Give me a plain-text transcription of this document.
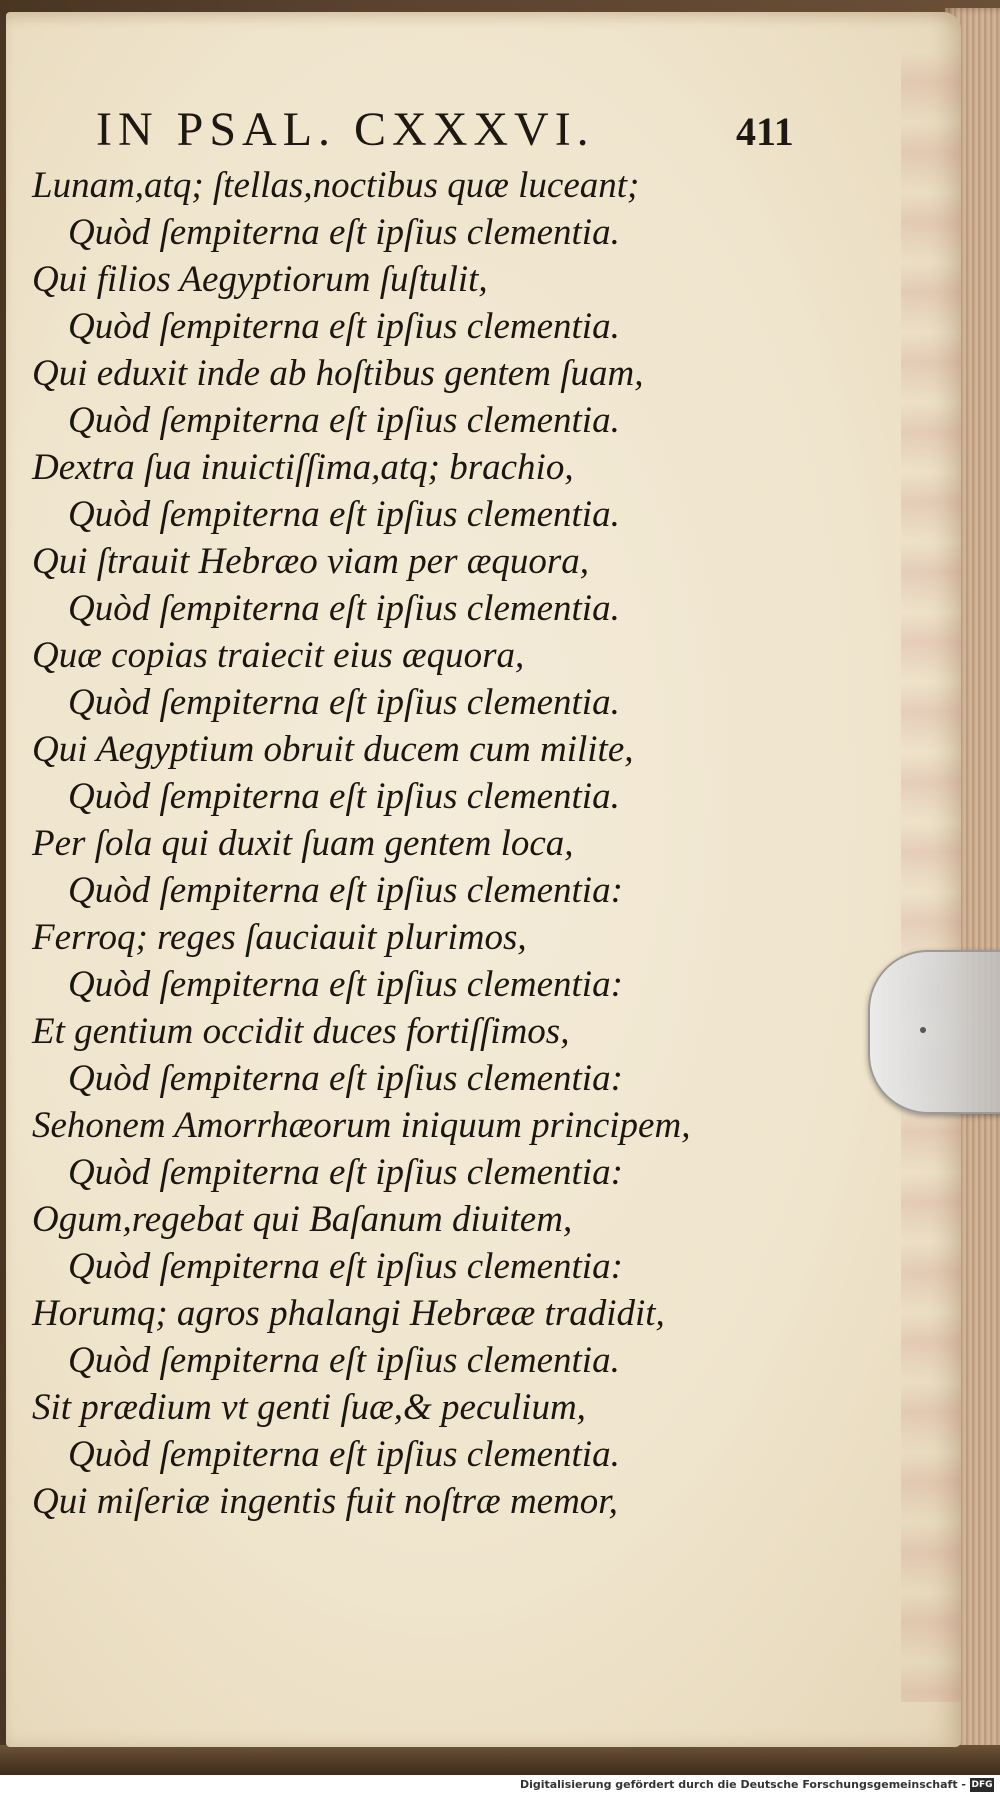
IN PSAL. CXXXVI.	411
Lunam,atq; ſtellas,noctibus quæ luceant;
Quòd ſempiterna eſt ipſius clementia.
Qui filios Aegyptiorum ſuſtulit,
Quòd ſempiterna eſt ipſius clementia.
Qui eduxit inde ab hoſtibus gentem ſuam,
Quòd ſempiterna eſt ipſius clementia.
Dextra ſua inuictiſſima,atq; brachio,
Quòd ſempiterna eſt ipſius clementia.
Qui ſtrauit Hebræo viam per æquora,
Quòd ſempiterna eſt ipſius clementia.
Quæ copias traiecit eius æquora,
Quòd ſempiterna eſt ipſius clementia.
Qui Aegyptium obruit ducem cum milite,
Quòd ſempiterna eſt ipſius clementia.
Per ſola qui duxit ſuam gentem loca,
Quòd ſempiterna eſt ipſius clementia:
Ferroq; reges ſauciauit plurimos,
Quòd ſempiterna eſt ipſius clementia:
Et gentium occidit duces fortiſſimos,
Quòd ſempiterna eſt ipſius clementia:
Sehonem Amorrhæorum iniquum principem,
Quòd ſempiterna eſt ipſius clementia:
Ogum,regebat qui Baſanum diuitem,
Quòd ſempiterna eſt ipſius clementia:
Horumq; agros phalangi Hebrææ tradidit,
Quòd ſempiterna eſt ipſius clementia.
Sit prædium vt genti ſuæ,& peculium,
Quòd ſempiterna eſt ipſius clementia.
Qui miſeriæ ingentis fuit noſtræ memor,
Digitalisierung gefördert durch die Deutsche Forschungsgemeinschaft - DFG
